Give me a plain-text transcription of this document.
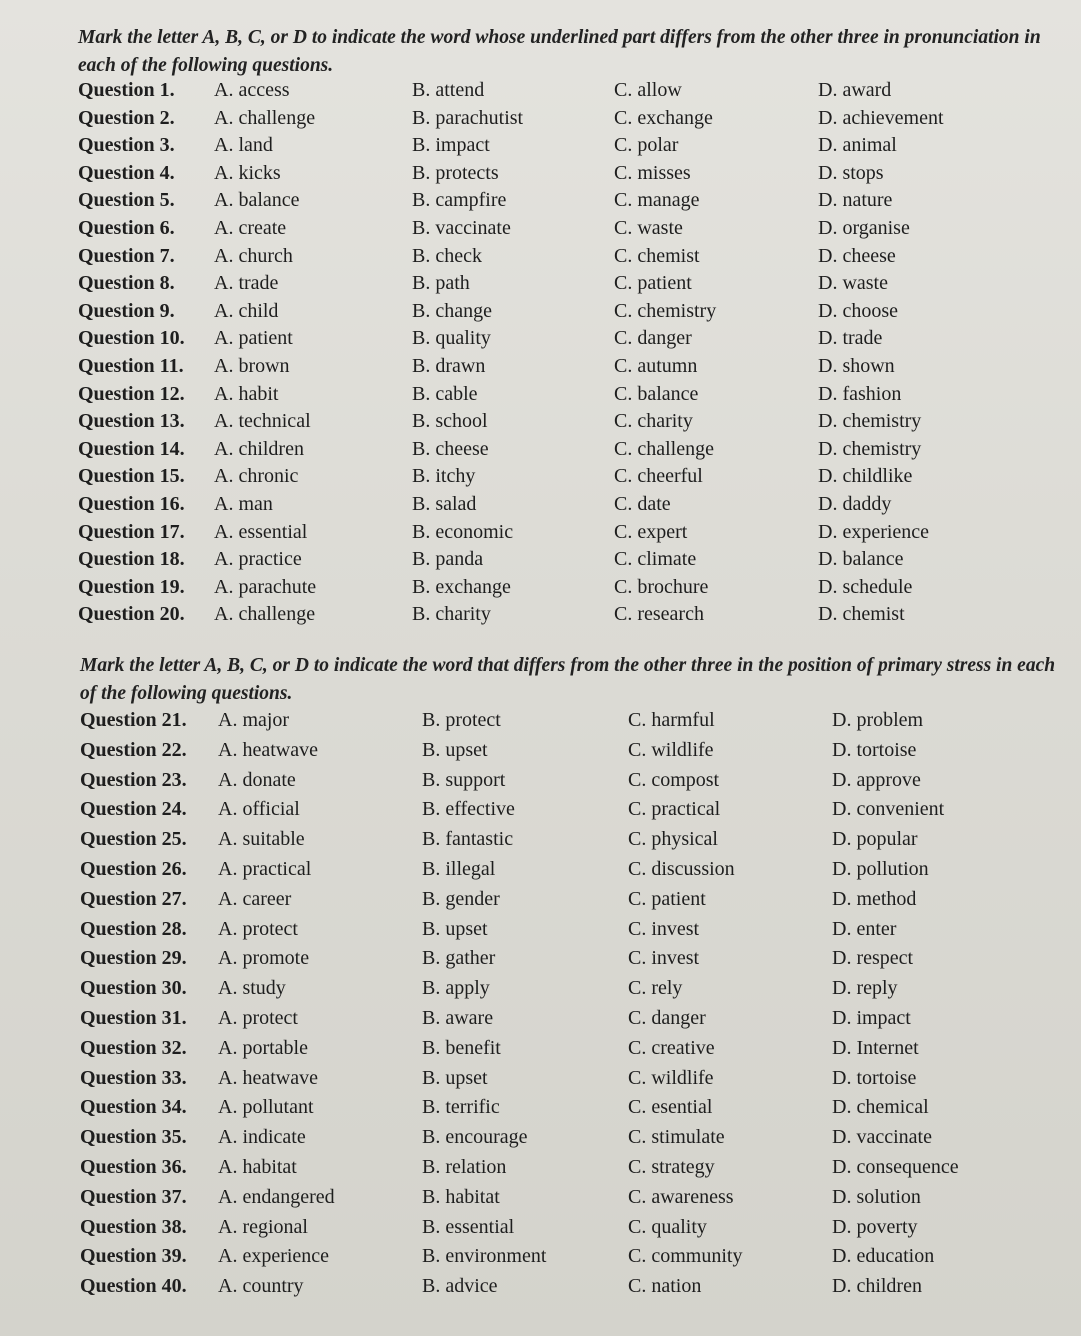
Mark the letter A, B, C, or D to indicate the word whose underlined part differs from the other three in pronunciation in each of the following questions.
Question 1. A. access	B. attend	C. allow	D. award
Question 2. A. challenge	B. parachutist	C. exchange	D. achievement
Question 3. A. land	B. impact	C. polar	D. animal
Question 4. A. kicks	B. protects	C. misses	D. stops
Question 5. A. balance	B. campfire	C. manage	D. nature
Question 6. A. create	B. vaccinate	C. waste	D. organise
Question 7. A. church	B. check	C. chemist	D. cheese
Question 8. A. trade	B. path	C. patient	D. waste
Question 9. A. child	B. change	C. chemistry	D. choose
Question 10. A. patient	B. quality	C. danger	D. trade
Question 11. A. brown	B. drawn	C. autumn	D. shown
Question 12. A. habit	B. cable	C. balance	D. fashion
Question 13. A. technical	B. school	C. charity	D. chemistry
Question 14. A. children	B. cheese	C. challenge	D. chemistry
Question 15. A. chronic	B. itchy	C. cheerful	D. childlike
Question 16. A. man	B. salad	C. date	D. daddy
Question 17. A. essential	B. economic	C. expert	D. experience
Question 18. A. practice	B. panda	C. climate	D. balance
Question 19. A. parachute	B. exchange	C. brochure	D. schedule
Question 20. A. challenge	B. charity	C. research	D. chemist
Mark the letter A, B, C, or D to indicate the word that differs from the other three in the position of primary stress in each of the following questions.
Question 21. A. major	B. protect	C. harmful	D. problem
Question 22. A. heatwave	B. upset	C. wildlife	D. tortoise
Question 23. A. donate	B. support	C. compost	D. approve
Question 24. A. official	B. effective	C. practical	D. convenient
Question 25. A. suitable	B. fantastic	C. physical	D. popular
Question 26. A. practical	B. illegal	C. discussion	D. pollution
Question 27. A. career	B. gender	C. patient	D. method
Question 28. A. protect	B. upset	C. invest	D. enter
Question 29. A. promote	B. gather	C. invest	D. respect
Question 30. A. study	B. apply	C. rely	D. reply
Question 31. A. protect	B. aware	C. danger	D. impact
Question 32. A. portable	B. benefit	C. creative	D. Internet
Question 33. A. heatwave	B. upset	C. wildlife	D. tortoise
Question 34. A. pollutant	B. terrific	C. esential	D. chemical
Question 35. A. indicate	B. encourage	C. stimulate	D. vaccinate
Question 36. A. habitat	B. relation	C. strategy	D. consequence
Question 37. A. endangered	B. habitat	C. awareness	D. solution
Question 38. A. regional	B. essential	C. quality	D. poverty
Question 39. A. experience	B. environment	C. community	D. education
Question 40. A. country	B. advice	C. nation	D. children
